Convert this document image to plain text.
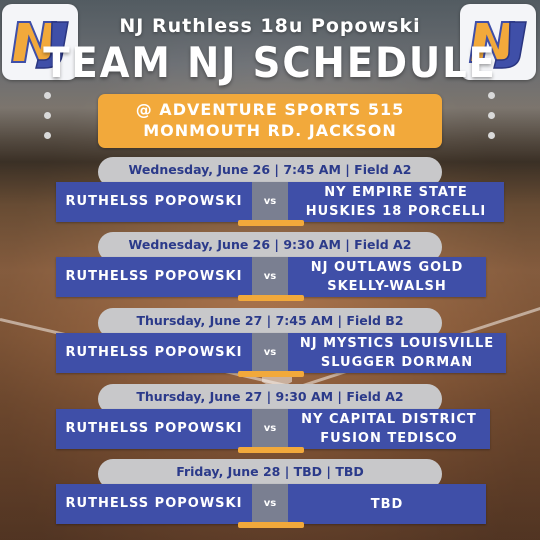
NJ Ruthless 18u Popowski
TEAM NJ SCHEDULE
@ ADVENTURE SPORTS 515
MONMOUTH RD. JACKSON
Wednesday, June 26 | 7:45 AM | Field A2
RUTHELSS POPOWSKI	vs
NY EMPIRE STATE
HUSKIES 18 PORCELLI
Wednesday, June 26 | 9:30 AM | Field A2
RUTHELSS POPOWSKI	vs
NJ OUTLAWS GOLD
SKELLY-WALSH
Thursday, June 27 | 7:45 AM | Field B2
RUTHELSS POPOWSKI	vs
NJ MYSTICS LOUISVILLE
SLUGGER DORMAN
Thursday, June 27 | 9:30 AM | Field A2
RUTHELSS POPOWSKI	vs
NY CAPITAL DISTRICT
FUSION TEDISCO
Friday, June 28 | TBD | TBD
RUTHELSS POPOWSKI	vs	TBD
